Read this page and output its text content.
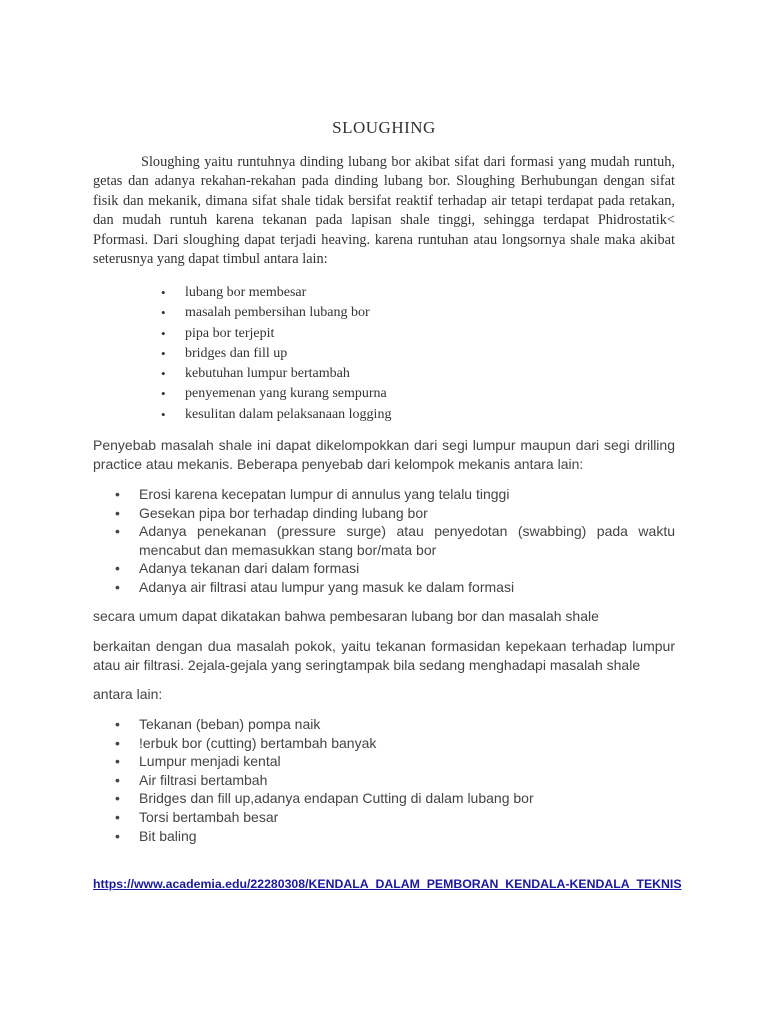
SLOUGHING

Sloughing yaitu runtuhnya dinding lubang bor akibat sifat dari formasi yang mudah runtuh, getas dan adanya rekahan-rekahan pada dinding lubang bor. Sloughing Berhubungan dengan sifat fisik dan mekanik, dimana sifat shale tidak bersifat reaktif terhadap air tetapi terdapat pada retakan, dan mudah runtuh karena tekanan pada lapisan shale tinggi, sehingga terdapat Phidrostatik< Pformasi. Dari sloughing dapat terjadi heaving. karena runtuhan atau longsornya shale maka akibat seterusnya yang dapat timbul antara lain:

• lubang bor membesar
• masalah pembersihan lubang bor
• pipa bor terjepit
• bridges dan fill up
• kebutuhan lumpur bertambah
• penyemenan yang kurang sempurna
• kesulitan dalam pelaksanaan logging

Penyebab masalah shale ini dapat dikelompokkan dari segi lumpur maupun dari segi drilling practice atau mekanis. Beberapa penyebab dari kelompok mekanis antara lain:

• Erosi karena kecepatan lumpur di annulus yang telalu tinggi
• Gesekan pipa bor terhadap dinding lubang bor
• Adanya penekanan (pressure surge) atau penyedotan (swabbing) pada waktu mencabut dan memasukkan stang bor/mata bor
• Adanya tekanan dari dalam formasi
• Adanya air filtrasi atau lumpur yang masuk ke dalam formasi

secara umum dapat dikatakan bahwa pembesaran lubang bor dan masalah shale

berkaitan dengan dua masalah pokok, yaitu tekanan formasidan kepekaan terhadap lumpur atau air filtrasi. 2ejala-gejala yang seringtampak bila sedang menghadapi masalah shale

antara lain:

• Tekanan (beban) pompa naik
• !erbuk bor (cutting) bertambah banyak
• Lumpur menjadi kental
• Air filtrasi bertambah
• Bridges dan fill up,adanya endapan Cutting di dalam lubang bor
• Torsi bertambah besar
• Bit baling
https://www.academia.edu/22280308/KENDALA_DALAM_PEMBORAN_KENDALA-KENDALA_TEKNIS
